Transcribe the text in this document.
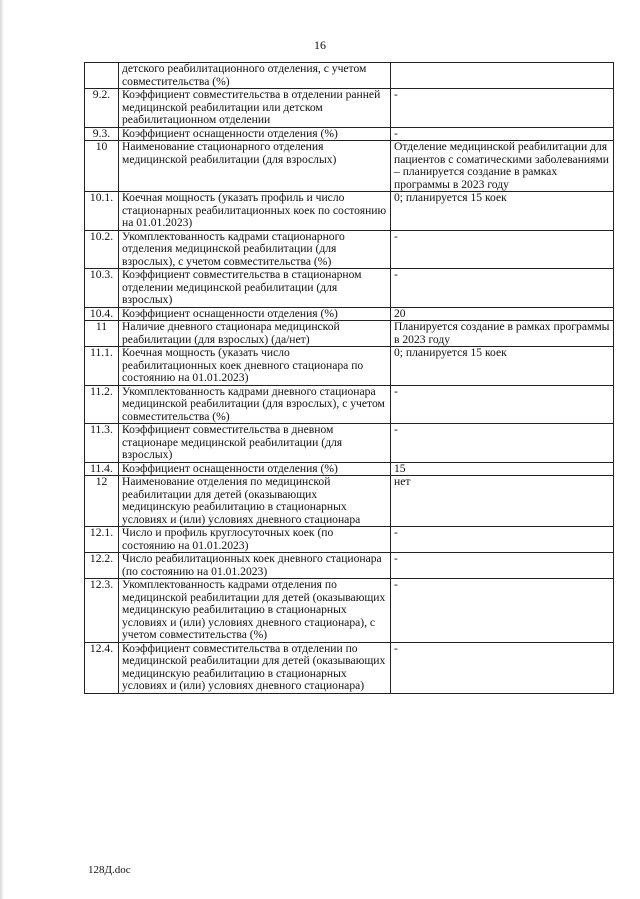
16
	детского реабилитационного отделения, с учетом совместительства (%)	
9.2.	Коэффициент совместительства в отделении ранней медицинской реабилитации или детском реабилитационном отделении	-
9.3.	Коэффициент оснащенности отделения (%)	-
10	Наименование стационарного отделения медицинской реабилитации (для взрослых)	Отделение медицинской реабилитации для пациентов с соматическими заболеваниями – планируется создание в рамках программы в 2023 году
10.1.	Коечная мощность (указать профиль и число стационарных реабилитационных коек по состоянию на 01.01.2023)	0; планируется 15 коек
10.2.	Укомплектованность кадрами стационарного отделения медицинской реабилитации (для взрослых), с учетом совместительства (%)	-
10.3.	Коэффициент совместительства в стационарном отделении медицинской реабилитации (для взрослых)	-
10.4.	Коэффициент оснащенности отделения (%)	20
11	Наличие дневного стационара медицинской реабилитации (для взрослых) (да/нет)	Планируется создание в рамках программы в 2023 году
11.1.	Коечная мощность (указать число реабилитационных коек дневного стационара по состоянию на 01.01.2023)	0; планируется 15 коек
11.2.	Укомплектованность кадрами дневного стационара медицинской реабилитации (для взрослых), с учетом совместительства (%)	-
11.3.	Коэффициент совместительства в дневном стационаре медицинской реабилитации (для взрослых)	-
11.4.	Коэффициент оснащенности отделения (%)	15
12	Наименование отделения по медицинской реабилитации для детей (оказывающих медицинскую реабилитацию в стационарных условиях и (или) условиях дневного стационара	нет
12.1.	Число и профиль круглосуточных коек (по состоянию на 01.01.2023)	-
12.2.	Число реабилитационных коек дневного стационара (по состоянию на 01.01.2023)	-
12.3.	Укомплектованность кадрами отделения по медицинской реабилитации для детей (оказывающих медицинскую реабилитацию в стационарных условиях и (или) условиях дневного стационара), с учетом совместительства (%)	-
12.4.	Коэффициент совместительства в отделении по медицинской реабилитации для детей (оказывающих медицинскую реабилитацию в стационарных условиях и (или) условиях дневного стационара)	-
128Д.doc
